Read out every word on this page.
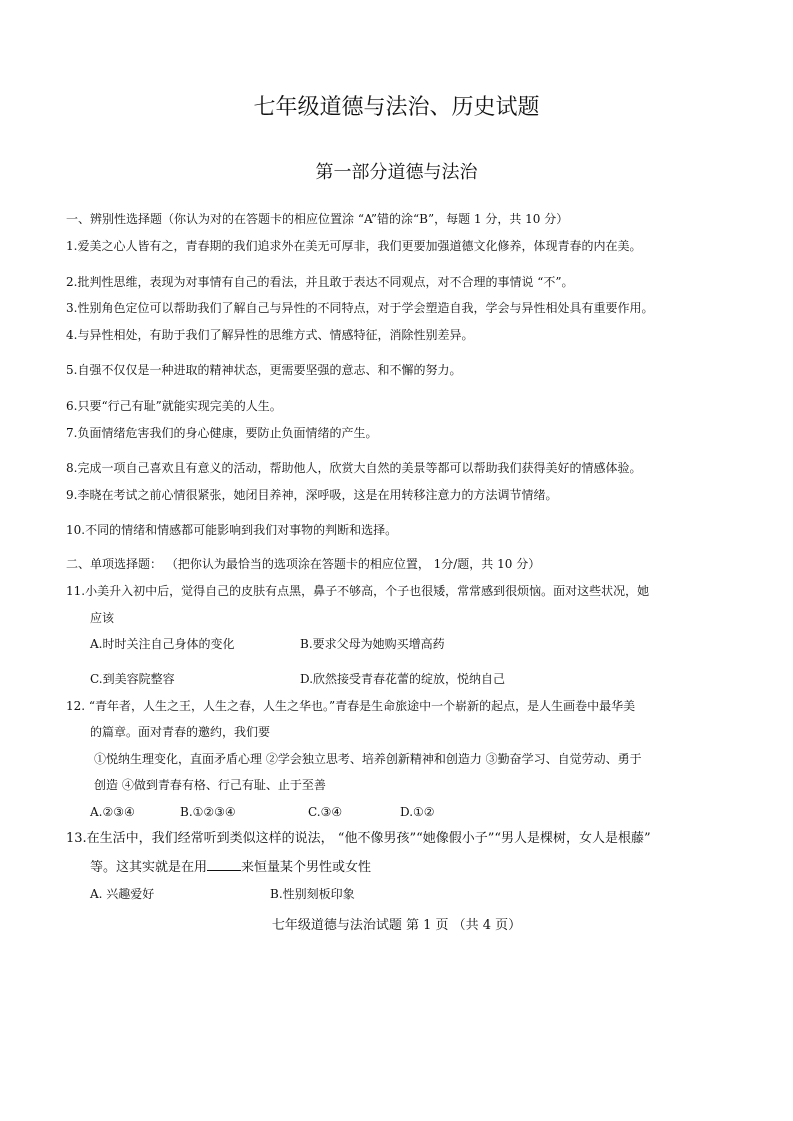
七年级道德与法治、历史试题
第一部分道德与法治
一、辨别性选择题（你认为对的在答题卡的相应位置涂 “A”错的涂“B”，每题 1 分，共 10 分）
1.爱美之心人皆有之，青春期的我们追求外在美无可厚非，我们更要加强道德文化修养，体现青春的内在美。
2.批判性思维，表现为对事情有自己的看法，并且敢于表达不同观点，对不合理的事情说 “不”。
3.性别角色定位可以帮助我们了解自己与异性的不同特点，对于学会塑造自我，学会与异性相处具有重要作用。
4.与异性相处，有助于我们了解异性的思维方式、情感特征，消除性别差异。
5.自强不仅仅是一种进取的精神状态，更需要坚强的意志、和不懈的努力。
6.只要“行己有耻”就能实现完美的人生。
7.负面情绪危害我们的身心健康，要防止负面情绪的产生。
8.完成一项自己喜欢且有意义的活动，帮助他人，欣赏大自然的美景等都可以帮助我们获得美好的情感体验。
9.李晓在考试之前心情很紧张，她闭目养神，深呼吸，这是在用转移注意力的方法调节情绪。
10.不同的情绪和情感都可能影响到我们对事物的判断和选择。
二、单项选择题： （把你认为最恰当的选项涂在答题卡的相应位置， 1分/题，共 10 分）
11.小美升入初中后，觉得自己的皮肤有点黑，鼻子不够高，个子也很矮，常常感到很烦恼。面对这些状况，她
应该
A.时时关注自己身体的变化	B.要求父母为她购买增高药
C.到美容院整容	D.欣然接受青春花蕾的绽放，悦纳自己
12. “青年者，人生之王，人生之春，人生之华也。”青春是生命旅途中一个崭新的起点，是人生画卷中最华美
的篇章。面对青春的邀约，我们要
①悦纳生理变化，直面矛盾心理 ②学会独立思考、培养创新精神和创造力 ③勤奋学习、自觉劳动、勇于
创造 ④做到青春有格、行己有耻、止于至善
A.②③④	B.①②③④	C.③④	D.①②
13.在生活中，我们经常听到类似这样的说法， “他不像男孩”“她像假小子”“男人是棵树，女人是根藤”
等。这其实就是在用	来恒量某个男性或女性
A. 兴趣爱好	B.性别刻板印象
七年级道德与法治试题 第 1 页 （共 4 页）
